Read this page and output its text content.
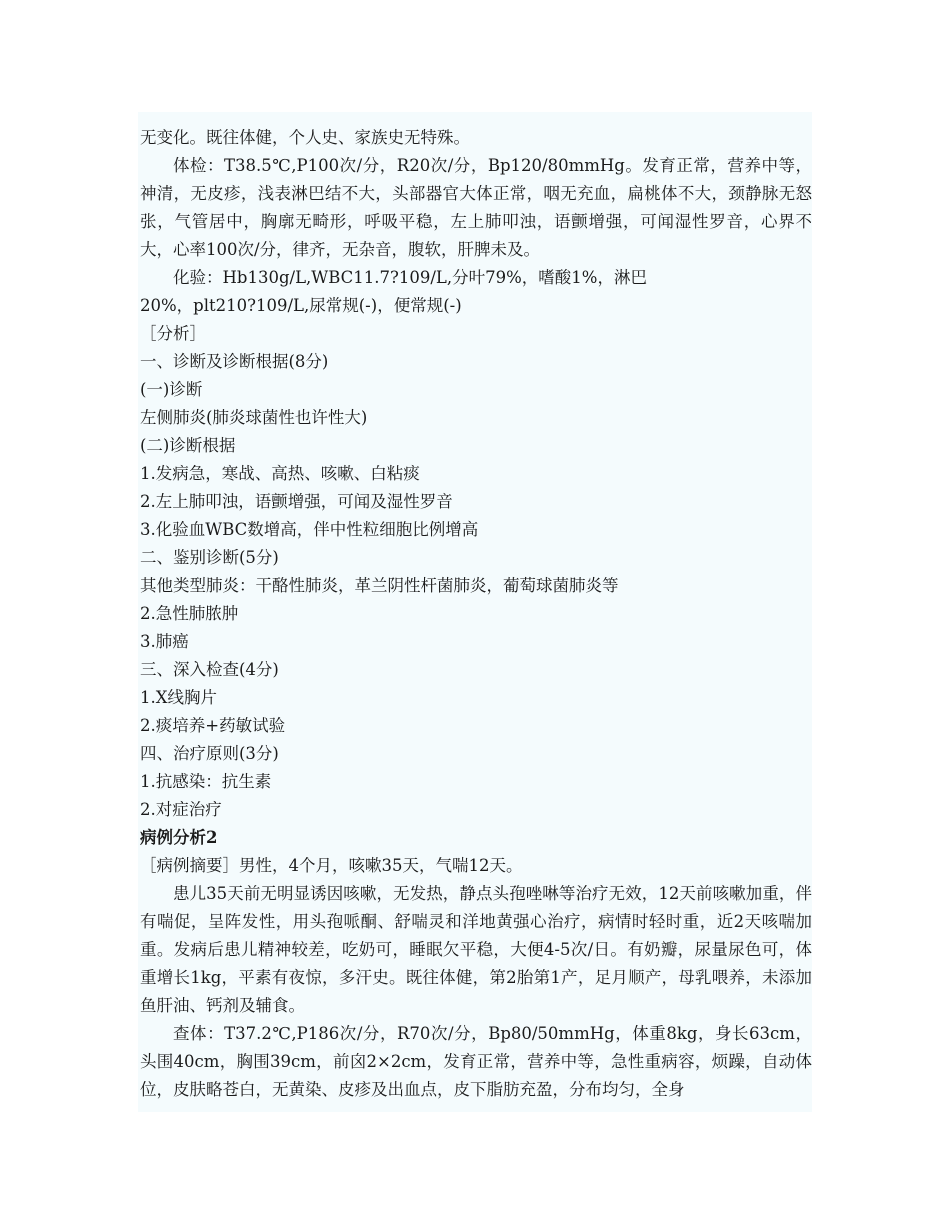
无变化。既往体健，个人史、家族史无特殊。

体检：T38.5℃,P100次/分，R20次/分，Bp120/80mmHg。发育正常，营养中等，神清，无皮疹，浅表淋巴结不大，头部器官大体正常，咽无充血，扁桃体不大，颈静脉无怒张，气管居中，胸廓无畸形，呼吸平稳，左上肺叩浊，语颤增强，可闻湿性罗音，心界不大，心率100次/分，律齐，无杂音，腹软，肝脾未及。

化验：Hb130g/L,WBC11.7?109/L,分叶79%，嗜酸1%，淋巴

20%，plt210?109/L,尿常规(-)，便常规(-)

［分析］

一、诊断及诊断根据(8分)

(一)诊断

左侧肺炎(肺炎球菌性也许性大)

(二)诊断根据

1.发病急，寒战、高热、咳嗽、白粘痰

2.左上肺叩浊，语颤增强，可闻及湿性罗音

3.化验血WBC数增高，伴中性粒细胞比例增高

二、鉴别诊断(5分)

其他类型肺炎：干酪性肺炎，革兰阴性杆菌肺炎，葡萄球菌肺炎等

2.急性肺脓肿

3.肺癌

三、深入检查(4分)

1.X线胸片

2.痰培养+药敏试验

四、治疗原则(3分)

1.抗感染：抗生素

2.对症治疗

病例分析2

［病例摘要］男性，4个月，咳嗽35天，气喘12天。

患儿35天前无明显诱因咳嗽，无发热，静点头孢唑啉等治疗无效，12天前咳嗽加重，伴有喘促，呈阵发性，用头孢哌酮、舒喘灵和洋地黄强心治疗，病情时轻时重，近2天咳喘加重。发病后患儿精神较差，吃奶可，睡眠欠平稳，大便4-5次/日。有奶瓣，尿量尿色可，体重增长1kg，平素有夜惊，多汗史。既往体健，第2胎第1产，足月顺产，母乳喂养，未添加鱼肝油、钙剂及辅食。

查体：T37.2℃,P186次/分，R70次/分，Bp80/50mmHg，体重8kg，身长63cm，头围40cm，胸围39cm，前囟2×2cm，发育正常，营养中等，急性重病容，烦躁，自动体位，皮肤略苍白，无黄染、皮疹及出血点，皮下脂肪充盈，分布均匀，全身
